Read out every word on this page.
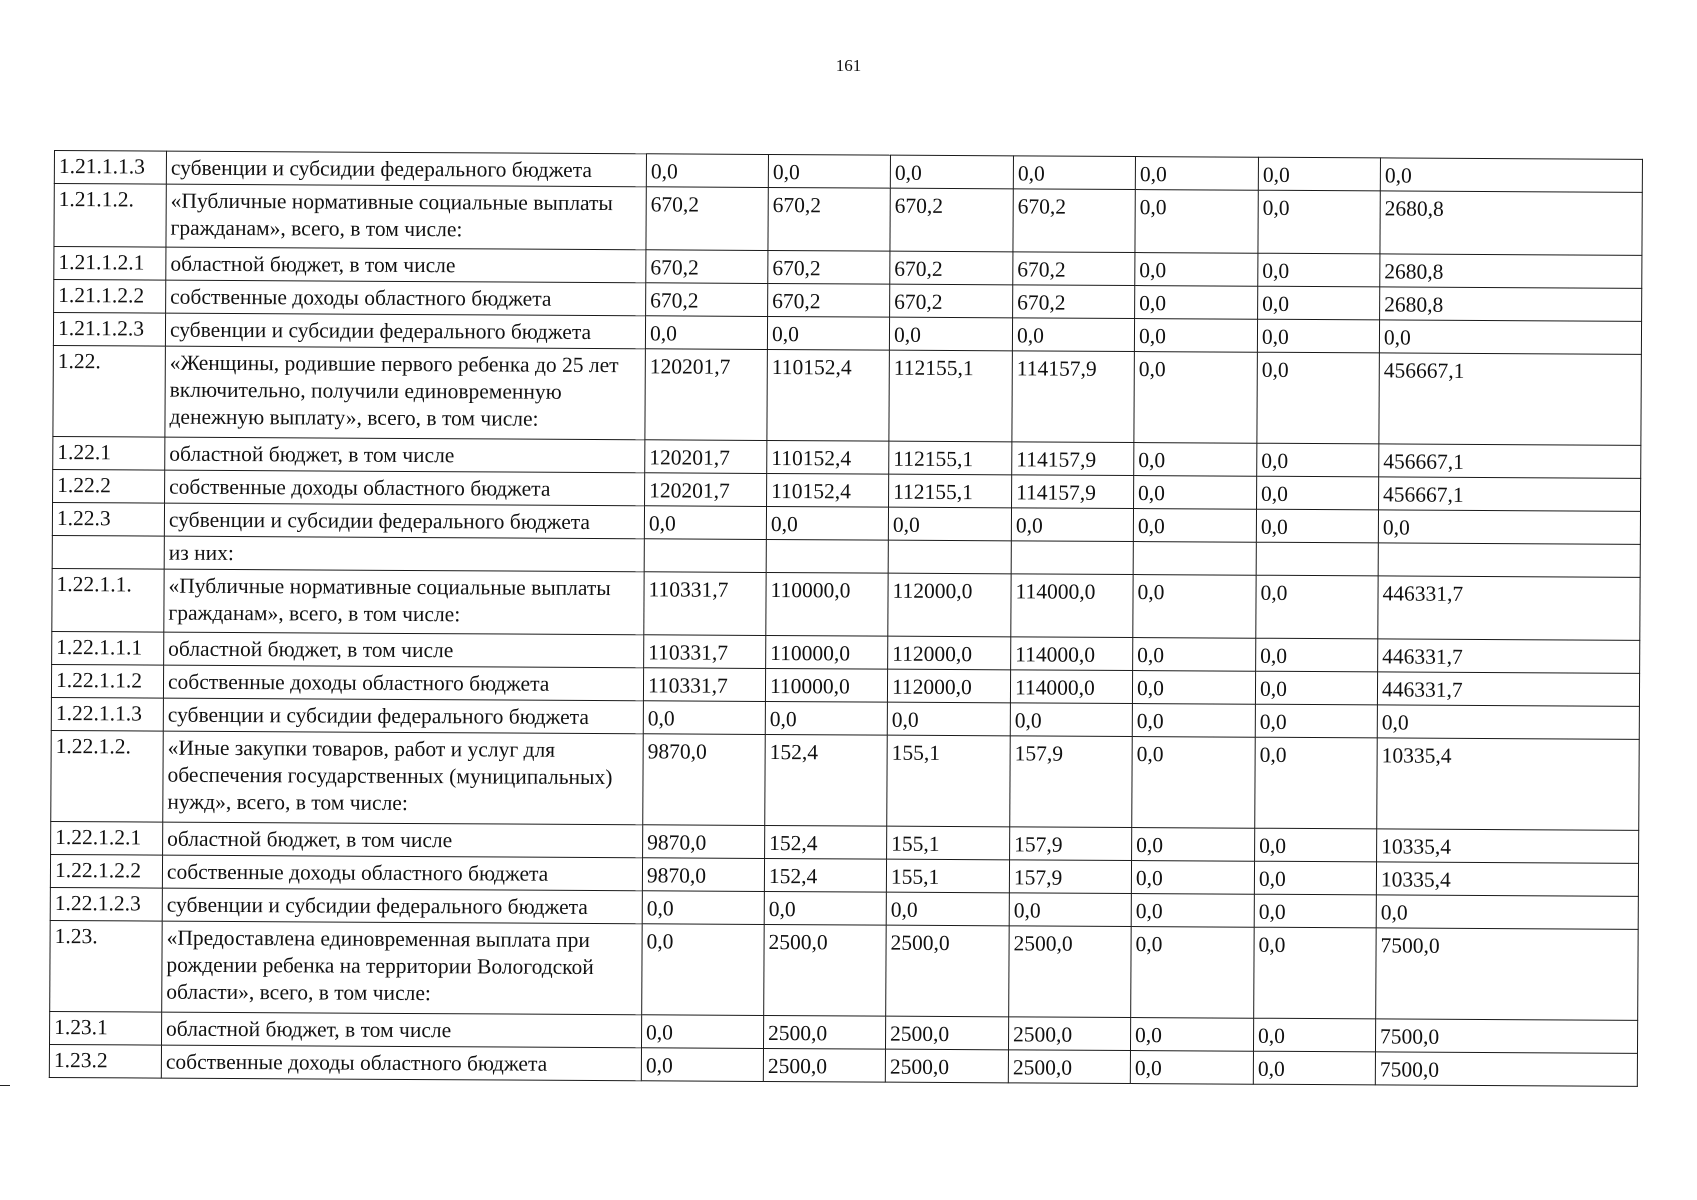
161
1.21.1.1.3	субвенции и субсидии федерального бюджета	0,0	0,0	0,0	0,0	0,0	0,0	0,0
1.21.1.2.	«Публичные нормативные социальные выплаты гражданам», всего, в том числе:	670,2	670,2	670,2	670,2	0,0	0,0	2680,8
1.21.1.2.1	областной бюджет, в том числе	670,2	670,2	670,2	670,2	0,0	0,0	2680,8
1.21.1.2.2	собственные доходы областного бюджета	670,2	670,2	670,2	670,2	0,0	0,0	2680,8
1.21.1.2.3	субвенции и субсидии федерального бюджета	0,0	0,0	0,0	0,0	0,0	0,0	0,0
1.22.	«Женщины, родившие первого ребенка до 25 лет включительно, получили единовременную денежную выплату», всего, в том числе:	120201,7	110152,4	112155,1	114157,9	0,0	0,0	456667,1
1.22.1	областной бюджет, в том числе	120201,7	110152,4	112155,1	114157,9	0,0	0,0	456667,1
1.22.2	собственные доходы областного бюджета	120201,7	110152,4	112155,1	114157,9	0,0	0,0	456667,1
1.22.3	субвенции и субсидии федерального бюджета	0,0	0,0	0,0	0,0	0,0	0,0	0,0
	из них:							
1.22.1.1.	«Публичные нормативные социальные выплаты гражданам», всего, в том числе:	110331,7	110000,0	112000,0	114000,0	0,0	0,0	446331,7
1.22.1.1.1	областной бюджет, в том числе	110331,7	110000,0	112000,0	114000,0	0,0	0,0	446331,7
1.22.1.1.2	собственные доходы областного бюджета	110331,7	110000,0	112000,0	114000,0	0,0	0,0	446331,7
1.22.1.1.3	субвенции и субсидии федерального бюджета	0,0	0,0	0,0	0,0	0,0	0,0	0,0
1.22.1.2.	«Иные закупки товаров, работ и услуг для обеспечения государственных (муниципальных) нужд», всего, в том числе:	9870,0	152,4	155,1	157,9	0,0	0,0	10335,4
1.22.1.2.1	областной бюджет, в том числе	9870,0	152,4	155,1	157,9	0,0	0,0	10335,4
1.22.1.2.2	собственные доходы областного бюджета	9870,0	152,4	155,1	157,9	0,0	0,0	10335,4
1.22.1.2.3	субвенции и субсидии федерального бюджета	0,0	0,0	0,0	0,0	0,0	0,0	0,0
1.23.	«Предоставлена единовременная выплата при рождении ребенка на территории Вологодской области», всего, в том числе:	0,0	2500,0	2500,0	2500,0	0,0	0,0	7500,0
1.23.1	областной бюджет, в том числе	0,0	2500,0	2500,0	2500,0	0,0	0,0	7500,0
1.23.2	собственные доходы областного бюджета	0,0	2500,0	2500,0	2500,0	0,0	0,0	7500,0
